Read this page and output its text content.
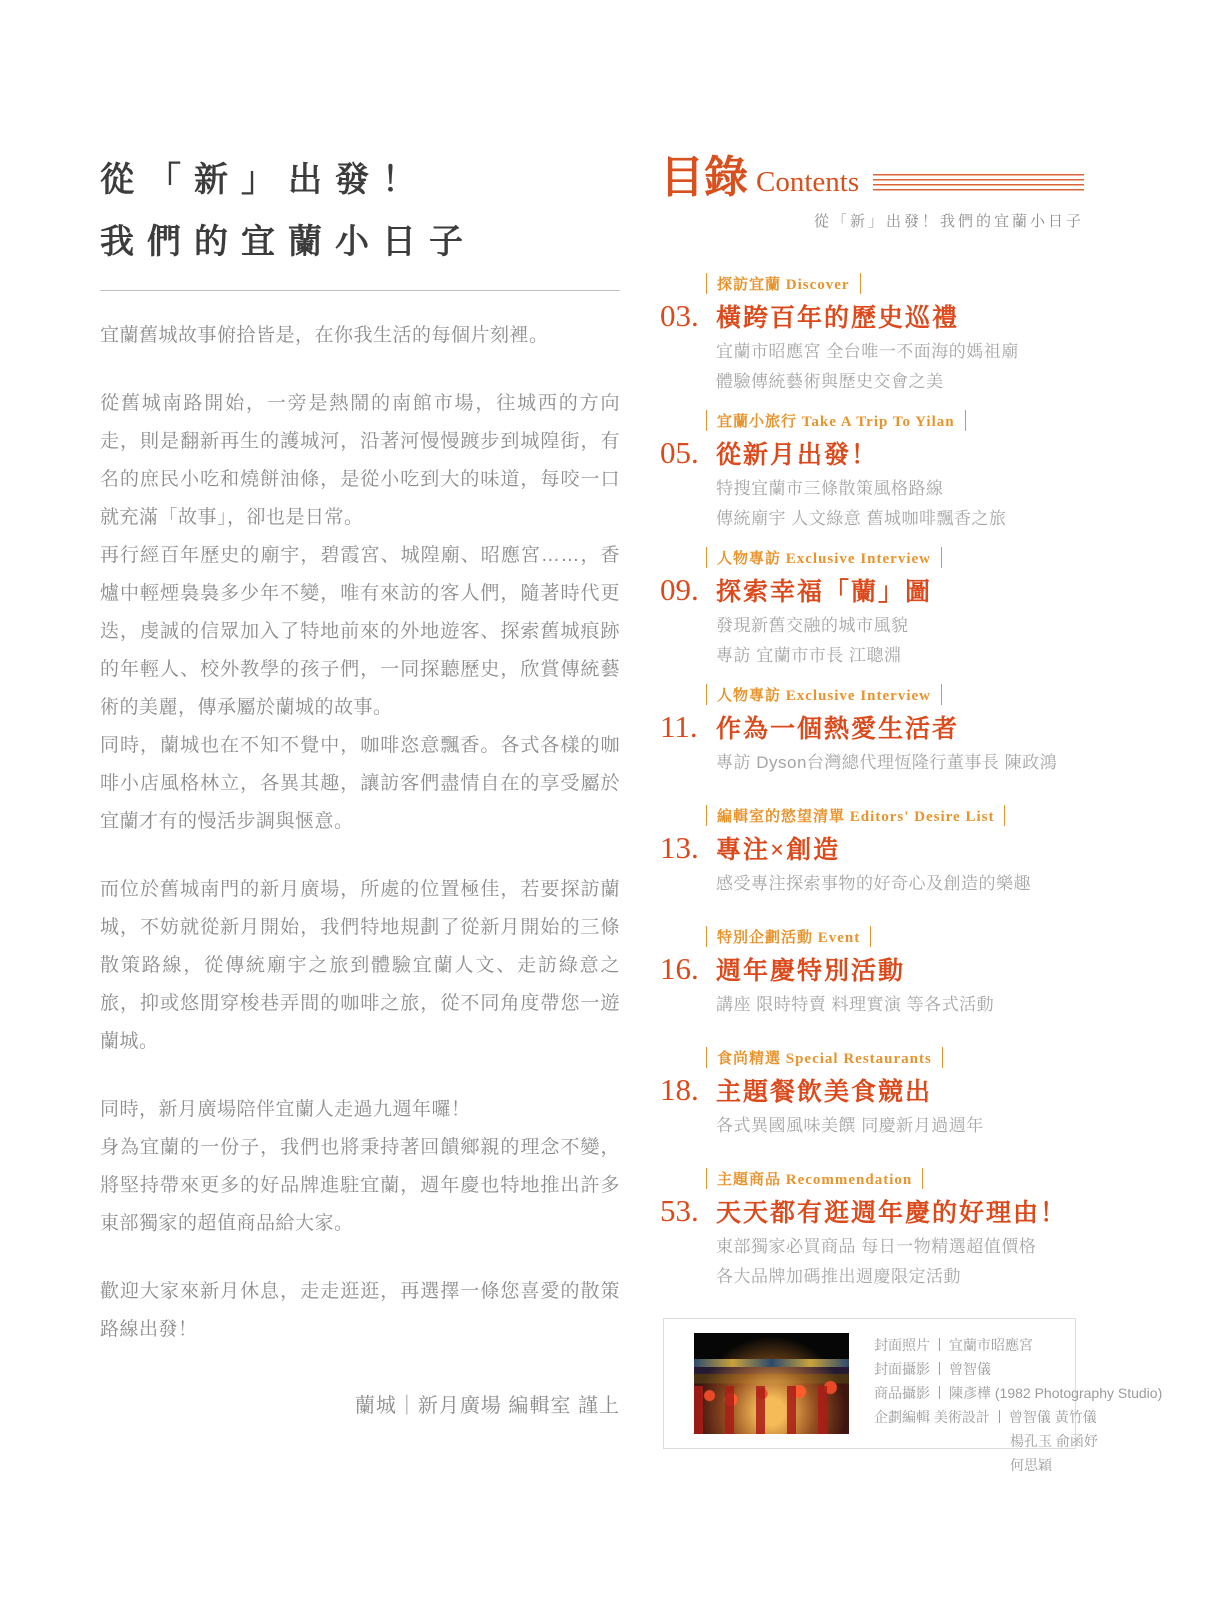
從「新」出發！
我們的宜蘭小日子

宜蘭舊城故事俯拾皆是，在你我生活的每個片刻裡。

從舊城南路開始，一旁是熱鬧的南館市場，往城西的方向走，則是翻新再生的護城河，沿著河慢慢踱步到城隍街，有名的庶民小吃和燒餅油條，是從小吃到大的味道，每咬一口就充滿「故事」，卻也是日常。

再行經百年歷史的廟宇，碧霞宮、城隍廟、昭應宮……，香爐中輕煙裊裊多少年不變，唯有來訪的客人們，隨著時代更迭，虔誠的信眾加入了特地前來的外地遊客、探索舊城痕跡的年輕人、校外教學的孩子們，一同探聽歷史，欣賞傳統藝術的美麗，傳承屬於蘭城的故事。

同時，蘭城也在不知不覺中，咖啡恣意飄香。各式各樣的咖啡小店風格林立，各異其趣，讓訪客們盡情自在的享受屬於宜蘭才有的慢活步調與愜意。

而位於舊城南門的新月廣場，所處的位置極佳，若要探訪蘭城，不妨就從新月開始，我們特地規劃了從新月開始的三條散策路線，從傳統廟宇之旅到體驗宜蘭人文、走訪綠意之旅，抑或悠閒穿梭巷弄間的咖啡之旅，從不同角度帶您一遊蘭城。

同時，新月廣場陪伴宜蘭人走過九週年囉！

身為宜蘭的一份子，我們也將秉持著回饋鄉親的理念不變，將堅持帶來更多的好品牌進駐宜蘭，週年慶也特地推出許多東部獨家的超值商品給大家。

歡迎大家來新月休息，走走逛逛，再選擇一條您喜愛的散策路線出發！

蘭城｜新月廣場 編輯室 謹上
目錄 Contents
從「新」出發！我們的宜蘭小日子
探訪宜蘭 Discover
03. 橫跨百年的歷史巡禮
宜蘭市昭應宮 全台唯一不面海的媽祖廟
體驗傳統藝術與歷史交會之美
宜蘭小旅行 Take A Trip To Yilan
05. 從新月出發！
特搜宜蘭市三條散策風格路線
傳統廟宇 人文綠意 舊城咖啡飄香之旅
人物專訪 Exclusive Interview
09. 探索幸福「蘭」圖
發現新舊交融的城市風貌
專訪 宜蘭市市長 江聰淵
人物專訪 Exclusive Interview
11. 作為一個熱愛生活者
專訪 Dyson台灣總代理恆隆行董事長 陳政鴻
編輯室的慾望清單 Editors' Desire List
13. 專注×創造
感受專注探索事物的好奇心及創造的樂趣
特別企劃活動 Event
16. 週年慶特別活動
講座 限時特賣 料理實演 等各式活動
食尚精選 Special Restaurants
18. 主題餐飲美食競出
各式異國風味美饌 同慶新月過週年
主題商品 Recommendation
53. 天天都有逛週年慶的好理由！
東部獨家必買商品 每日一物精選超值價格
各大品牌加碼推出週慶限定活動
封面照片 宜蘭市昭應宮
封面攝影 曾智儀
商品攝影 陳彥樺 (1982 Photography Studio)
企劃編輯 美術設計 曾智儀 黃竹儀
楊孔玉 俞函妤
何思穎
